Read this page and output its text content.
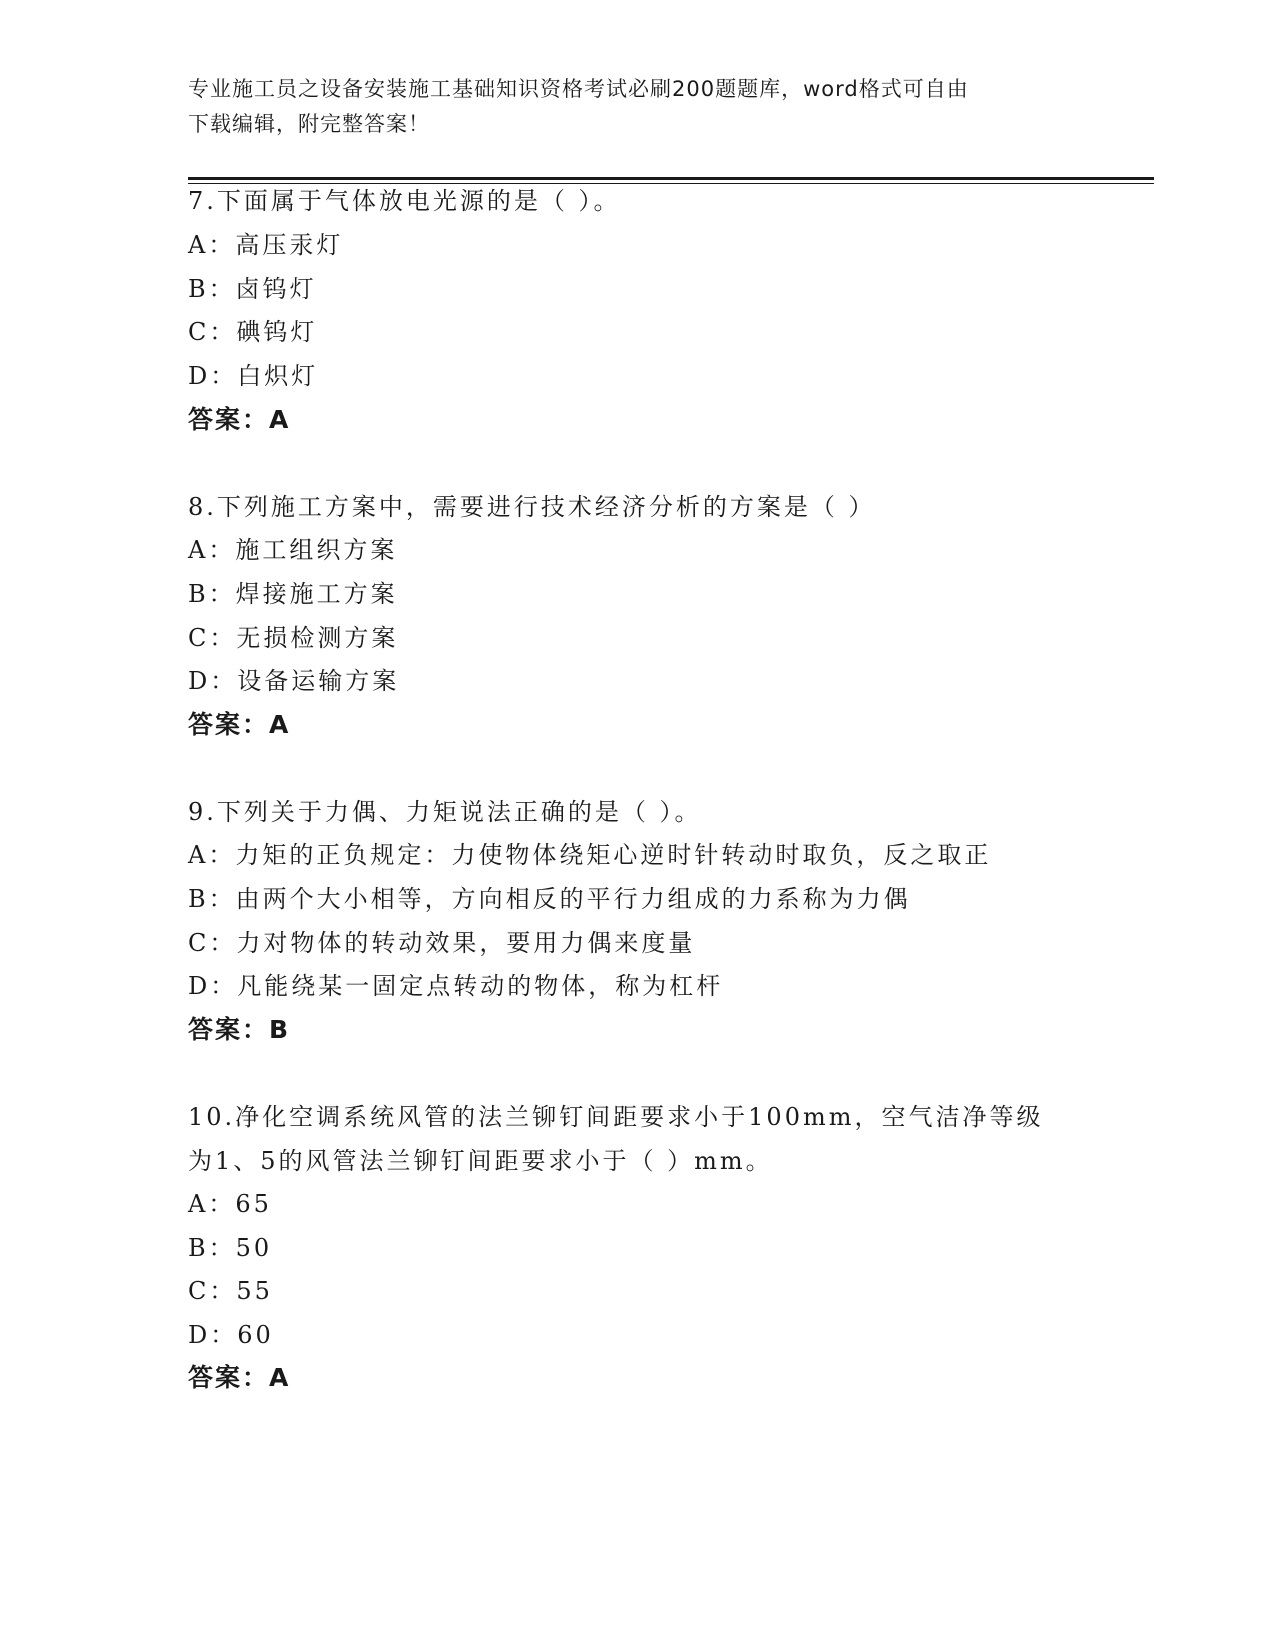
专业施工员之设备安装施工基础知识资格考试必刷200题题库，word格式可自由
下载编辑，附完整答案！
7.下面属于气体放电光源的是（ ）。
A：高压汞灯
B：卤钨灯
C：碘钨灯
D：白炽灯
答案：A
8.下列施工方案中，需要进行技术经济分析的方案是（ ）
A：施工组织方案
B：焊接施工方案
C：无损检测方案
D：设备运输方案
答案：A
9.下列关于力偶、力矩说法正确的是（ ）。
A：力矩的正负规定：力使物体绕矩心逆时针转动时取负，反之取正
B：由两个大小相等，方向相反的平行力组成的力系称为力偶
C：力对物体的转动效果，要用力偶来度量
D：凡能绕某一固定点转动的物体，称为杠杆
答案：B
10.净化空调系统风管的法兰铆钉间距要求小于100mm，空气洁净等级
为1、5的风管法兰铆钉间距要求小于（ ）mm。
A：65
B：50
C：55
D：60
答案：A
